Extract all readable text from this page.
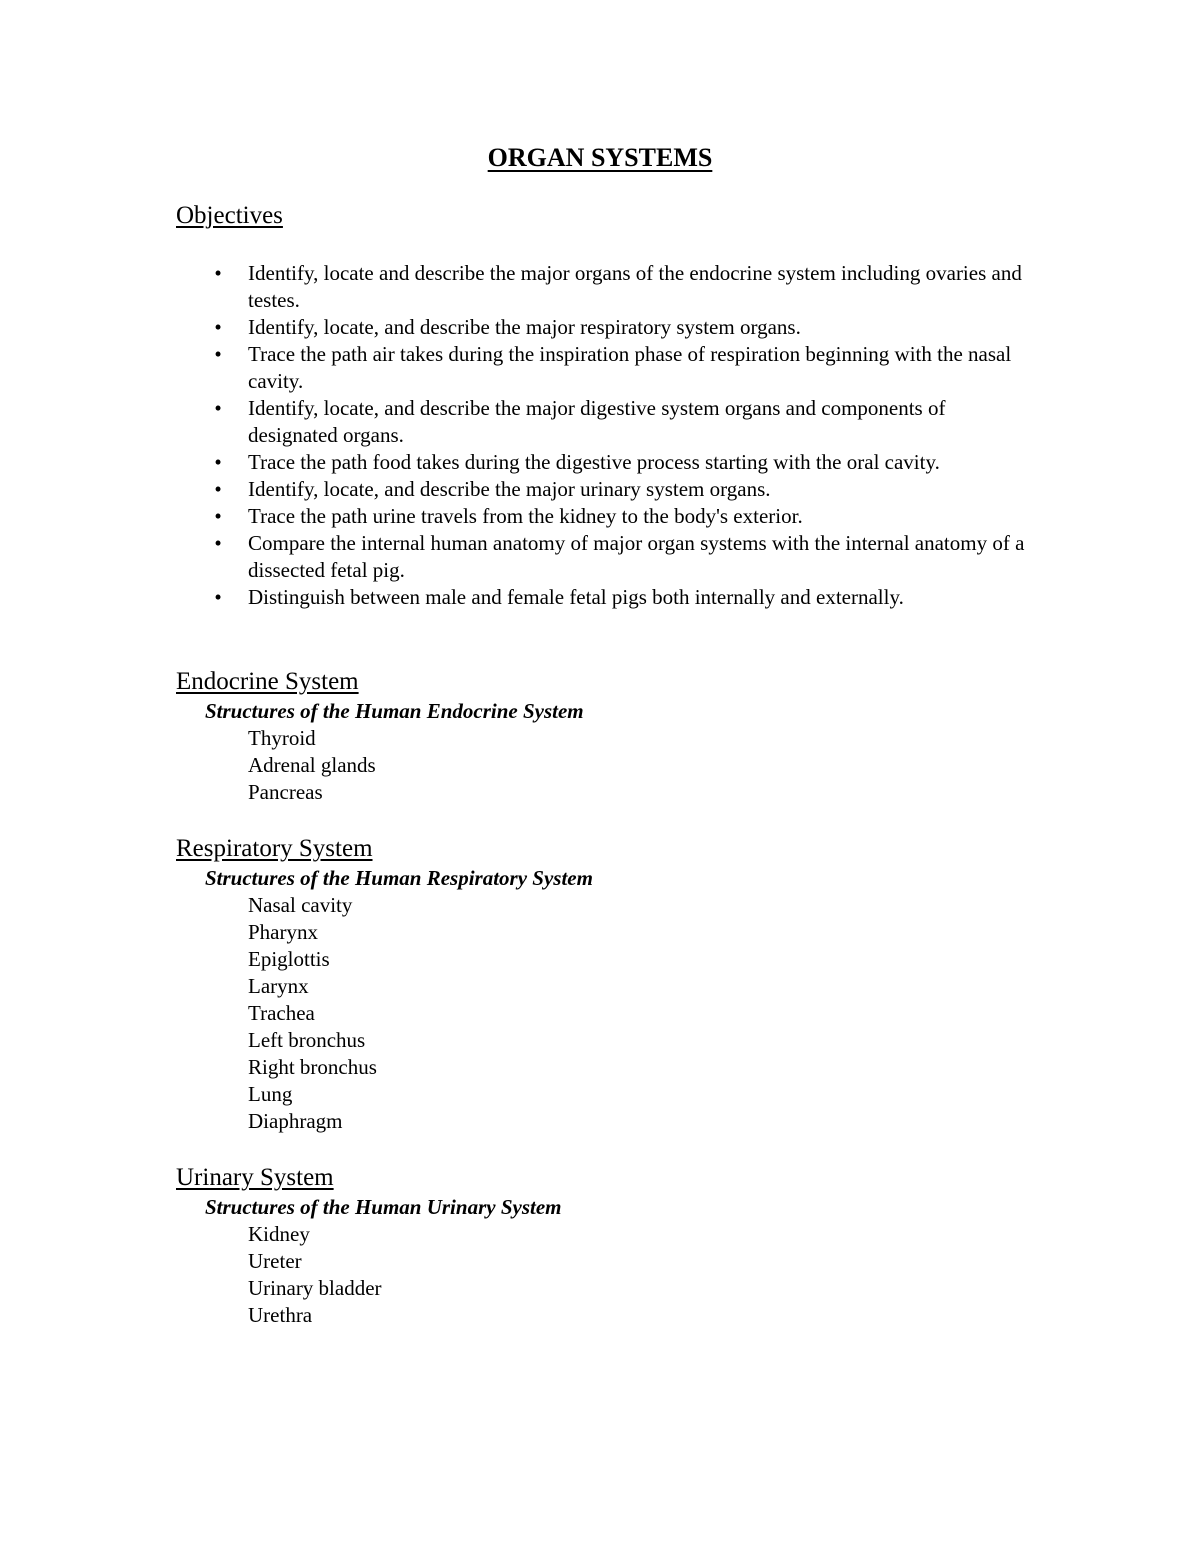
ORGAN SYSTEMS
Objectives
•	Identify, locate and describe the major organs of the endocrine system including ovaries and testes.
•	Identify, locate, and describe the major respiratory system organs.
•	Trace the path air takes during the inspiration phase of respiration beginning with the nasal cavity.
•	Identify, locate, and describe the major digestive system organs and components of designated organs.
•	Trace the path food takes during the digestive process starting with the oral cavity.
•	Identify, locate, and describe the major urinary system organs.
•	Trace the path urine travels from the kidney to the body's exterior.
•	Compare the internal human anatomy of major organ systems with the internal anatomy of a dissected fetal pig.
•	Distinguish between male and female fetal pigs both internally and externally.
Endocrine System
Structures of the Human Endocrine System
Thyroid
Adrenal glands
Pancreas
Respiratory System
Structures of the Human Respiratory System
Nasal cavity
Pharynx
Epiglottis
Larynx
Trachea
Left bronchus
Right bronchus
Lung
Diaphragm
Urinary System
Structures of the Human Urinary System
Kidney
Ureter
Urinary bladder
Urethra
